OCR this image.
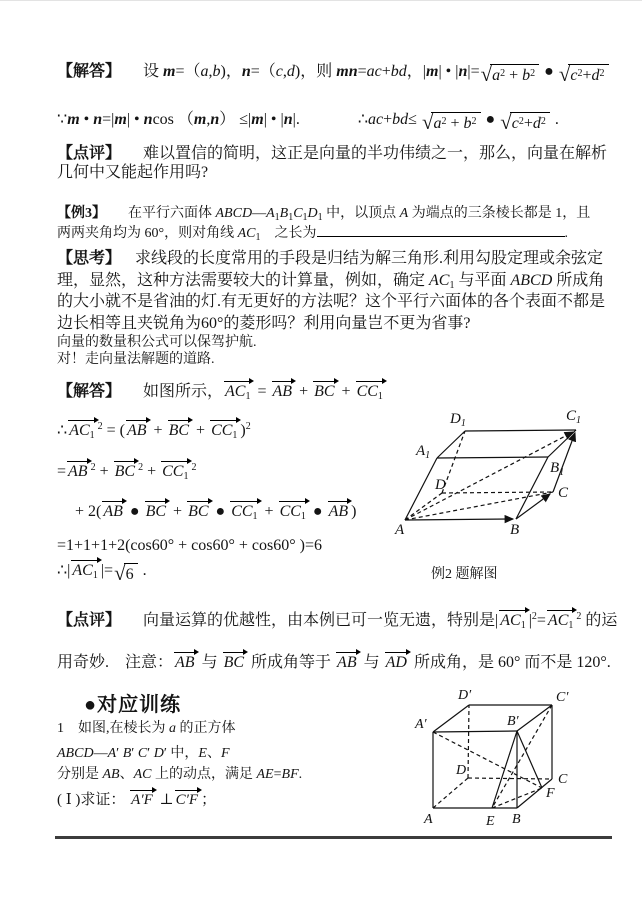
【解答】 设 m=（a,b)，n=（c,d)，则 mn=ac+bd，|m| • |n|= √ $a^2 + b^2$ ● √ $c^2+d^2$
∵m • n=|m| • ncos （m,n） ≤|m| • |n|.	∴ac+bd≤ √ $a^2 + b^2$ ● √ $c^2+d^2$ .
【点评】 难以置信的简明，这正是向量的半功伟绩之一，那么，向量在解析几何中又能起作用吗?
【例3】 在平行六面体 $ABCD—A_1B_1C_1D_1$ 中，以顶点 A 为端点的三条棱长都是 1，且
两两夹角均为 60°，则对角线 $AC_1$　之长为	.
【思考】 求线段的长度常用的手段是归结为解三角形.利用勾股定理或余弦定理，显然，这种方法需要较大的计算量，例如，确定 AC1 与平面 ABCD 所成角的大小就不是省油的灯.有无更好的方法呢？这个平行六面体的各个表面不都是边长相等且夹锐角为60°的菱形吗？利用向量岂不更为省事?
向量的数量积公式可以保驾护航.
对！走向量法解题的道路.
【解答】 如图所示， AC1
= AB
+ BC
+ CC1
∴ AC1
$^2$ = ( AB
+ BC
+ CC1 )$^2$
= AB $^2$ + BC $^2$ + CC1
$^2$
+ 2( AB
● BC
+ BC
● CC1
+ CC1
● AB )
=1+1+1+2(cos60° + cos60° + cos60° )=6
∴| AC1 |= √ 6 .
A	B
C
D
$A_1$
$B_1$
$C_1$
$D_1$
例2 题解图
【点评】 向量运算的优越性，由本例已可一览无遗，特别是| AC1 $|^2= AC1$
$^2$ 的运用奇妙.　注意： AB
与 BC
所成角等于 AB
与 AD
所成角，是 60° 而不是 120°.
●对应训练
1　如图,在棱长为 a 的正方体
ABCD—A′ B′ C′ D′ 中，E、F
分别是 AB、AC 上的动点，满足 AE=BF.
( Ⅰ )求证： A′F
⊥ C′F ；
A	B
C
D
E
F
A′	B′
C′
D′
